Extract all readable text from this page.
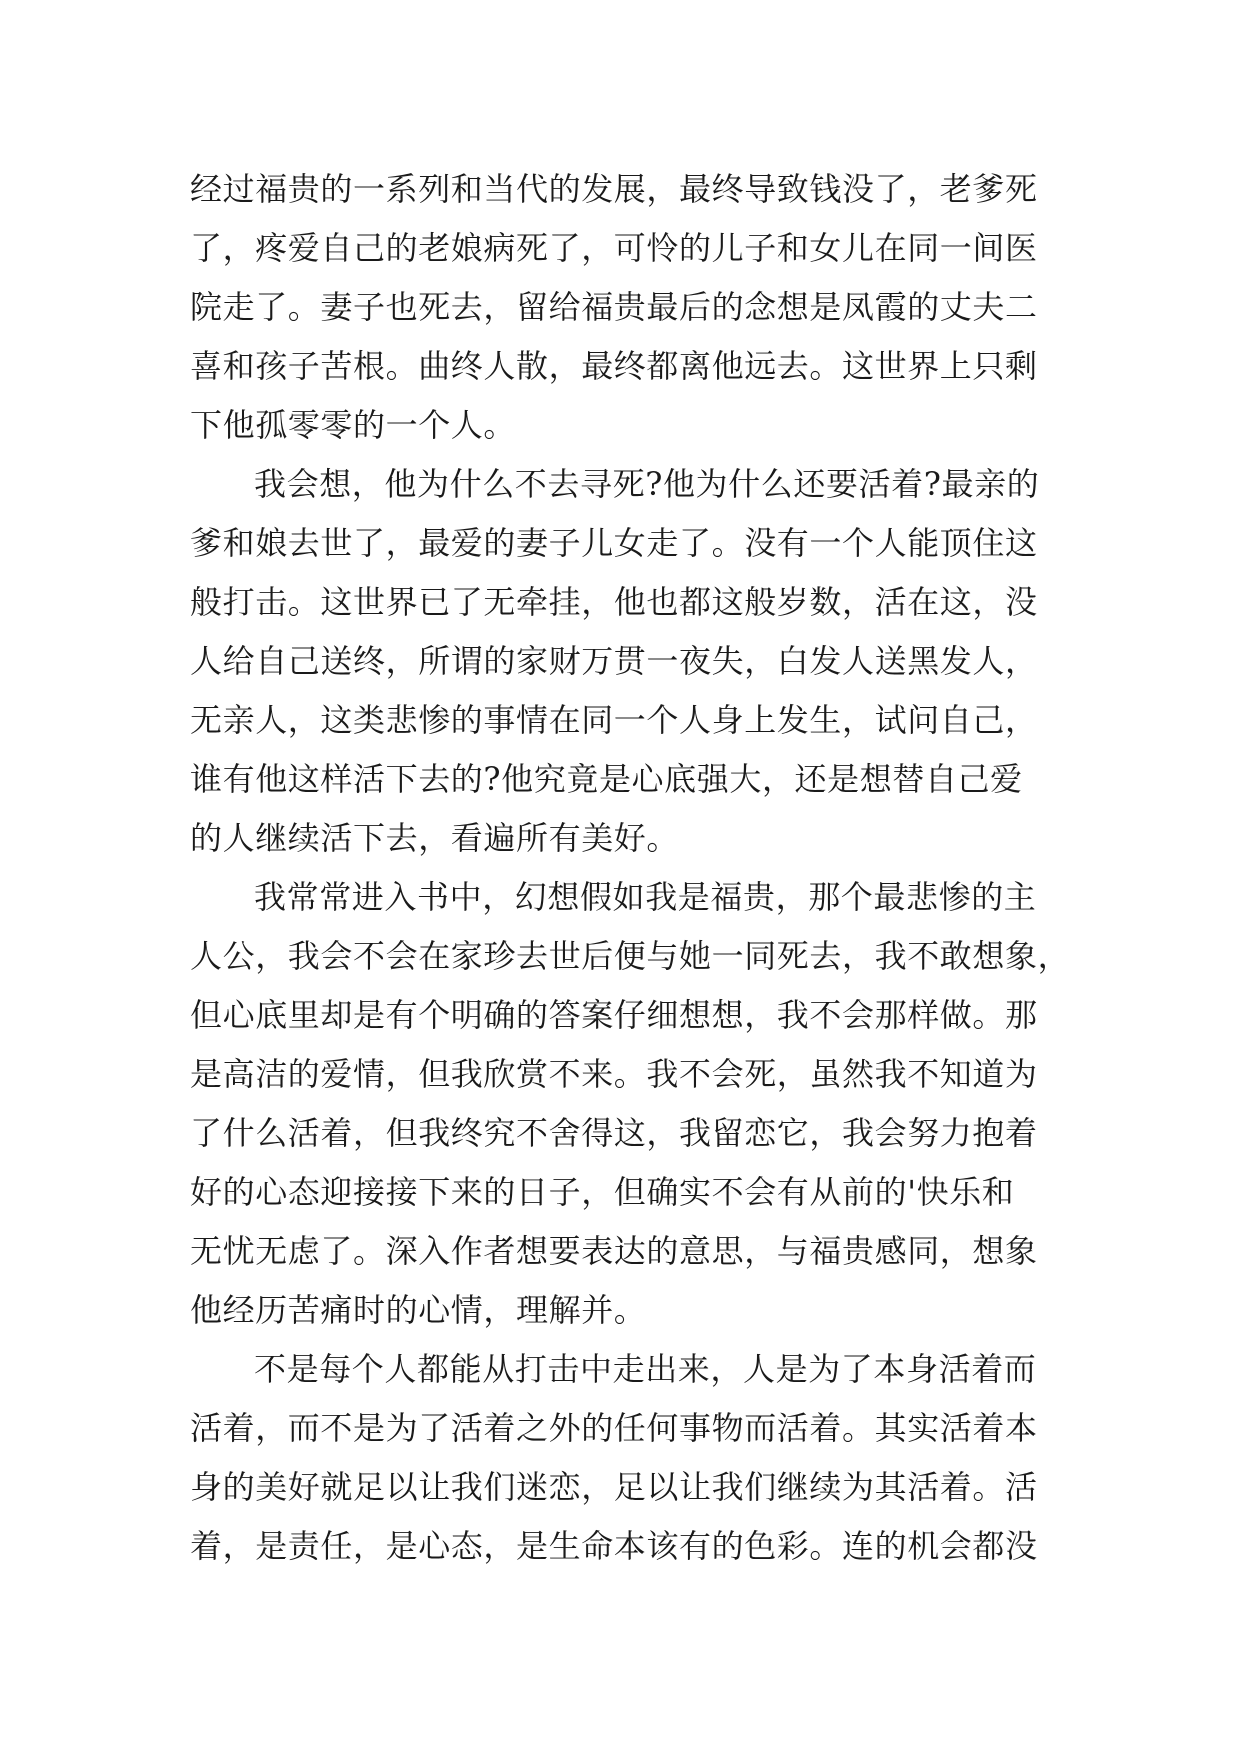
经过福贵的一系列和当代的发展，最终导致钱没了，老爹死
了，疼爱自己的老娘病死了，可怜的儿子和女儿在同一间医
院走了。妻子也死去，留给福贵最后的念想是凤霞的丈夫二
喜和孩子苦根。曲终人散，最终都离他远去。这世界上只剩
下他孤零零的一个人。
我会想，他为什么不去寻死?他为什么还要活着?最亲的
爹和娘去世了，最爱的妻子儿女走了。没有一个人能顶住这
般打击。这世界已了无牵挂，他也都这般岁数，活在这，没
人给自己送终，所谓的家财万贯一夜失，白发人送黑发人，
无亲人，这类悲惨的事情在同一个人身上发生，试问自己，
谁有他这样活下去的?他究竟是心底强大，还是想替自己爱
的人继续活下去，看遍所有美好。
我常常进入书中，幻想假如我是福贵，那个最悲惨的主
人公，我会不会在家珍去世后便与她一同死去，我不敢想象，
但心底里却是有个明确的答案仔细想想，我不会那样做。那
是高洁的爱情，但我欣赏不来。我不会死，虽然我不知道为
了什么活着，但我终究不舍得这，我留恋它，我会努力抱着
好的心态迎接接下来的日子，但确实不会有从前的'快乐和
无忧无虑了。深入作者想要表达的意思，与福贵感同，想象
他经历苦痛时的心情，理解并。
不是每个人都能从打击中走出来，人是为了本身活着而
活着，而不是为了活着之外的任何事物而活着。其实活着本
身的美好就足以让我们迷恋，足以让我们继续为其活着。活
着，是责任，是心态，是生命本该有的色彩。连的机会都没
